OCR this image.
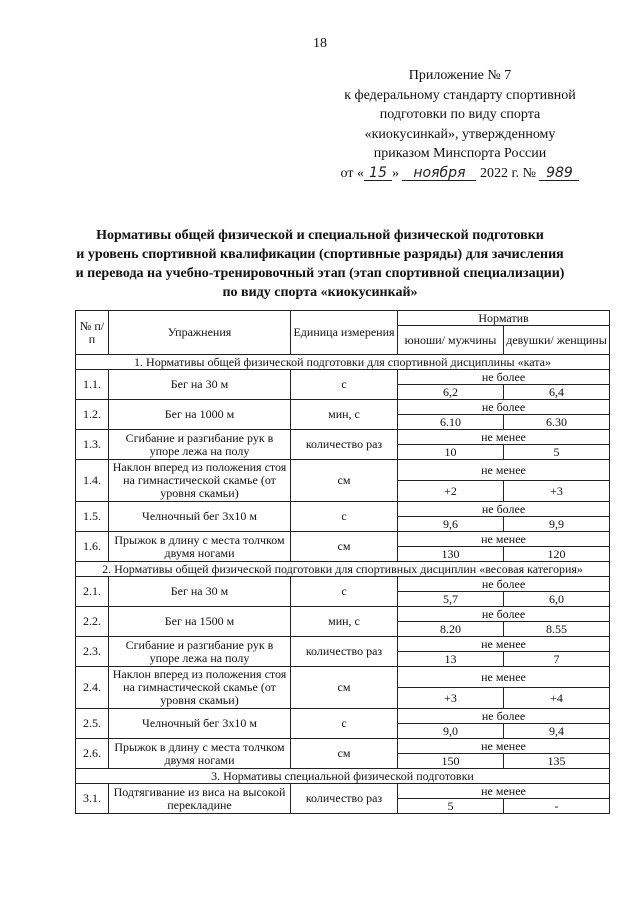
18
Приложение № 7
к федеральному стандарту спортивной
подготовки по виду спорта
«киокусинкай», утвержденному
приказом Минспорта России
от « 15 » ноября 2022 г. № 989
Нормативы общей физической и специальной физической подготовки
и уровень спортивной квалификации (спортивные разряды) для зачисления
и перевода на учебно-тренировочный этап (этап спортивной специализации)
по виду спорта «киокусинкай»
№ п/п	Упражнения	Единица измерения	Норматив	
			юноши/ мужчины	девушки/ женщины
1. Нормативы общей физической подготовки для спортивной дисциплины «ката»				
1.1.	Бег на 30 м	с	не более	
			6,2	6,4
1.2.	Бег на 1000 м	мин, с	не более	
			6.10	6.30
1.3.	Сгибание и разгибание рук в упоре лежа на полу	количество раз	не менее	
			10	5
1.4.	Наклон вперед из положения стоя на гимнастической скамье (от уровня скамьи)	см	не менее	
			+2	+3
1.5.	Челночный бег 3х10 м	с	не более	
			9,6	9,9
1.6.	Прыжок в длину с места толчком двумя ногами	см	не менее	
			130	120
2. Нормативы общей физической подготовки для спортивных дисциплин «весовая категория»				
2.1.	Бег на 30 м	с	не более	
			5,7	6,0
2.2.	Бег на 1500 м	мин, с	не более	
			8.20	8.55
2.3.	Сгибание и разгибание рук в упоре лежа на полу	количество раз	не менее	
			13	7
2.4.	Наклон вперед из положения стоя на гимнастической скамье (от уровня скамьи)	см	не менее	
			+3	+4
2.5.	Челночный бег 3х10 м	с	не более	
			9,0	9,4
2.6.	Прыжок в длину с места толчком двумя ногами	см	не менее	
			150	135
3. Нормативы специальной физической подготовки				
3.1.	Подтягивание из виса на высокой перекладине	количество раз	не менее	
			5	-
